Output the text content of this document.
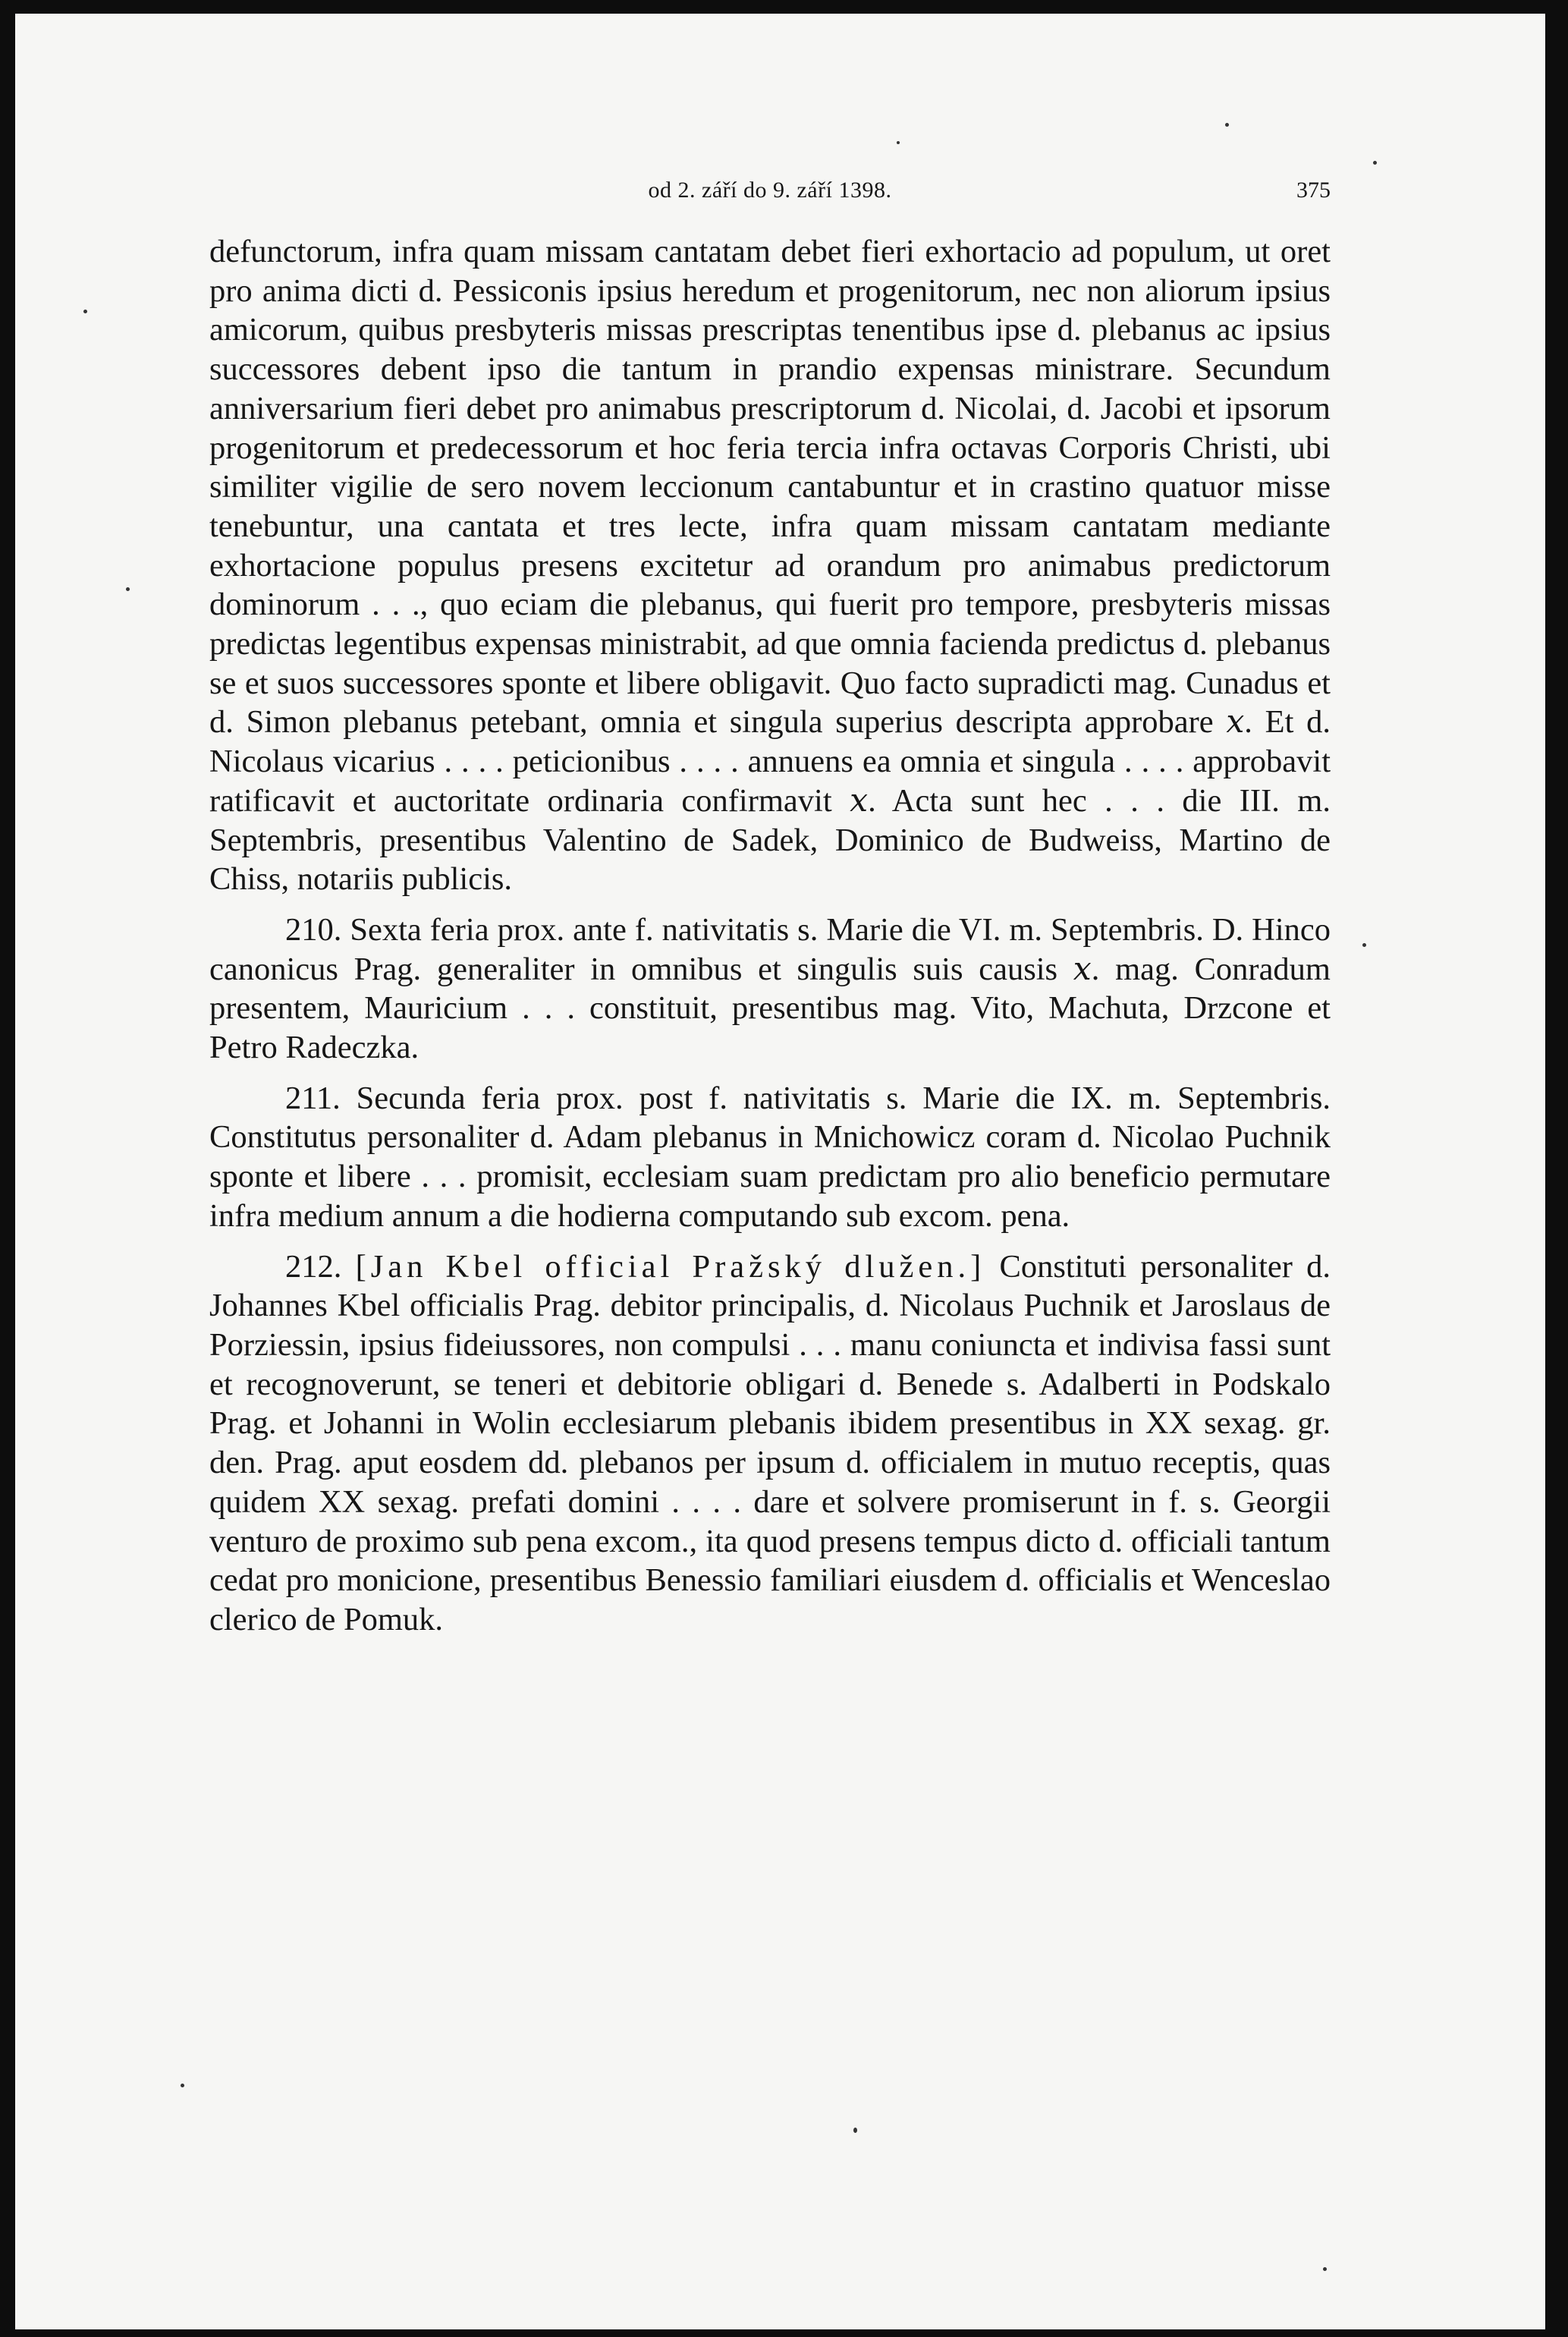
od 2. září do 9. září 1398.	375

defunctorum, infra quam missam cantatam debet fieri exhortacio ad populum, ut oret pro anima dicti d. Pessiconis ipsius heredum et progenitorum, nec non aliorum ipsius amicorum, quibus presbyteris missas prescriptas tenentibus ipse d. plebanus ac ipsius successores debent ipso die tantum in prandio expensas ministrare. Secundum anniversarium fieri debet pro animabus prescriptorum d. Nicolai, d. Jacobi et ipsorum progenitorum et predecessorum et hoc feria tercia infra octavas Corporis Christi, ubi similiter vigilie de sero novem leccionum cantabuntur et in crastino quatuor misse tenebuntur, una cantata et tres lecte, infra quam missam cantatam mediante exhortacione populus presens excitetur ad orandum pro animabus predictorum dominorum . . ., quo eciam die plebanus, qui fuerit pro tempore, presbyteris missas predictas legentibus expensas ministrabit, ad que omnia facienda predictus d. plebanus se et suos successores sponte et libere obligavit. Quo facto supradicti mag. Cunadus et d. Simon plebanus petebant, omnia et singula superius descripta approbare 𝑥. Et d. Nicolaus vicarius . . . . peticionibus . . . . annuens ea omnia et singula . . . . approbavit ratificavit et auctoritate ordinaria confirmavit 𝑥. Acta sunt hec . . . die III. m. Septembris, presentibus Valentino de Sadek, Dominico de Budweiss, Martino de Chiss, notariis publicis.

210. Sexta feria prox. ante f. nativitatis s. Marie die VI. m. Septembris. D. Hinco canonicus Prag. generaliter in omnibus et singulis suis causis 𝑥. mag. Conradum presentem, Mauricium . . . constituit, presentibus mag. Vito, Machuta, Drzcone et Petro Radeczka.

211. Secunda feria prox. post f. nativitatis s. Marie die IX. m. Septembris. Constitutus personaliter d. Adam plebanus in Mnichowicz coram d. Nicolao Puchnik sponte et libere . . . promisit, ecclesiam suam predictam pro alio beneficio permutare infra medium annum a die hodierna computando sub excom. pena.

212. [Jan Kbel official Pražský dlužen.] Constituti personaliter d. Johannes Kbel officialis Prag. debitor principalis, d. Nicolaus Puchnik et Jaroslaus de Porziessin, ipsius fideiussores, non compulsi . . . manu coniuncta et indivisa fassi sunt et recognoverunt, se teneri et debitorie obligari d. Benede s. Adalberti in Podskalo Prag. et Johanni in Wolin ecclesiarum plebanis ibidem presentibus in XX sexag. gr. den. Prag. aput eosdem dd. plebanos per ipsum d. officialem in mutuo receptis, quas quidem XX sexag. prefati domini . . . . dare et solvere promiserunt in f. s. Georgii venturo de proximo sub pena excom., ita quod presens tempus dicto d. officiali tantum cedat pro monicione, presentibus Benessio familiari eiusdem d. officialis et Wenceslao clerico de Pomuk.
